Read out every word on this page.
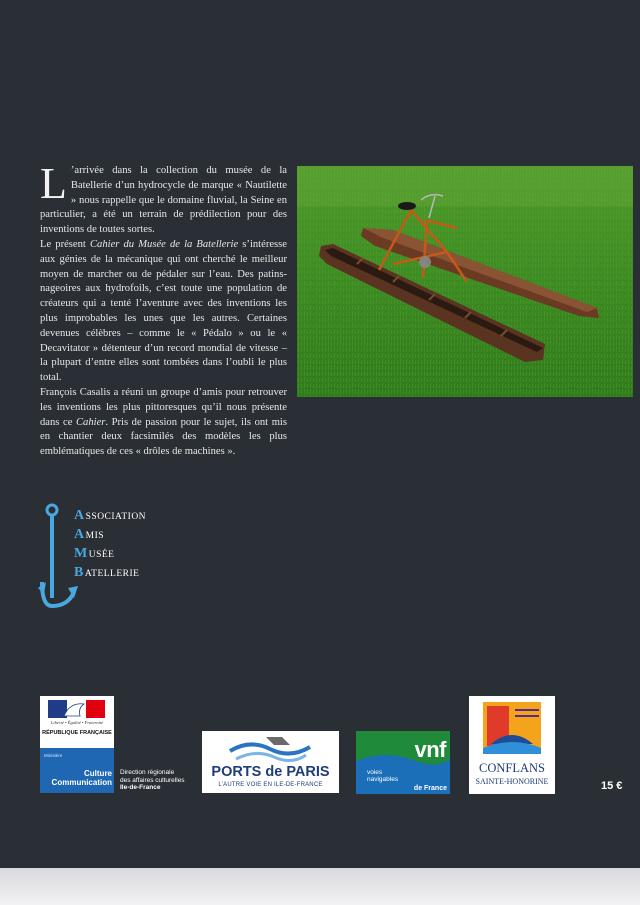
L ’arrivée dans la collection du musée de la Batellerie d’un hydrocycle de marque « Nautilette » nous rappelle que le domaine fluvial, la Seine en particulier, a été un terrain de prédilection pour des inventions de toutes sortes.

Le présent Cahier du Musée de la Batellerie s’intéresse aux génies de la mécanique qui ont cherché le meilleur moyen de marcher ou de pédaler sur l’eau. Des patins-nageoires aux hydrofoils, c’est toute une population de créateurs qui a tenté l’aventure avec des inventions les plus improbables les unes que les autres. Certaines devenues célèbres – comme le « Pédalo » ou le « Decavitator » détenteur d’un record mondial de vitesse – la plupart d’entre elles sont tombées dans l’oubli le plus total.

François Casalis a réuni un groupe d’amis pour retrouver les inventions les plus pittoresques qu’il nous présente dans ce Cahier. Pris de passion pour le sujet, ils ont mis en chantier deux facsimilés des modèles les plus emblématiques de ces « drôles de machines ».

ASSOCIATION
AMIS
MUSÉE
BATELLERIE
Liberté • Égalité • Fraternité
RÉPUBLIQUE FRANÇAISE
Ministère
Culture
Communication
Direction régionale
des affaires culturelles
Ile-de-France
PORTS de PARIS
L’AUTRE VOIE EN ILE-DE-FRANCE
vnf
voies
navigables
de France
CONFLANS
SAINTE-HONORINE	15 €
